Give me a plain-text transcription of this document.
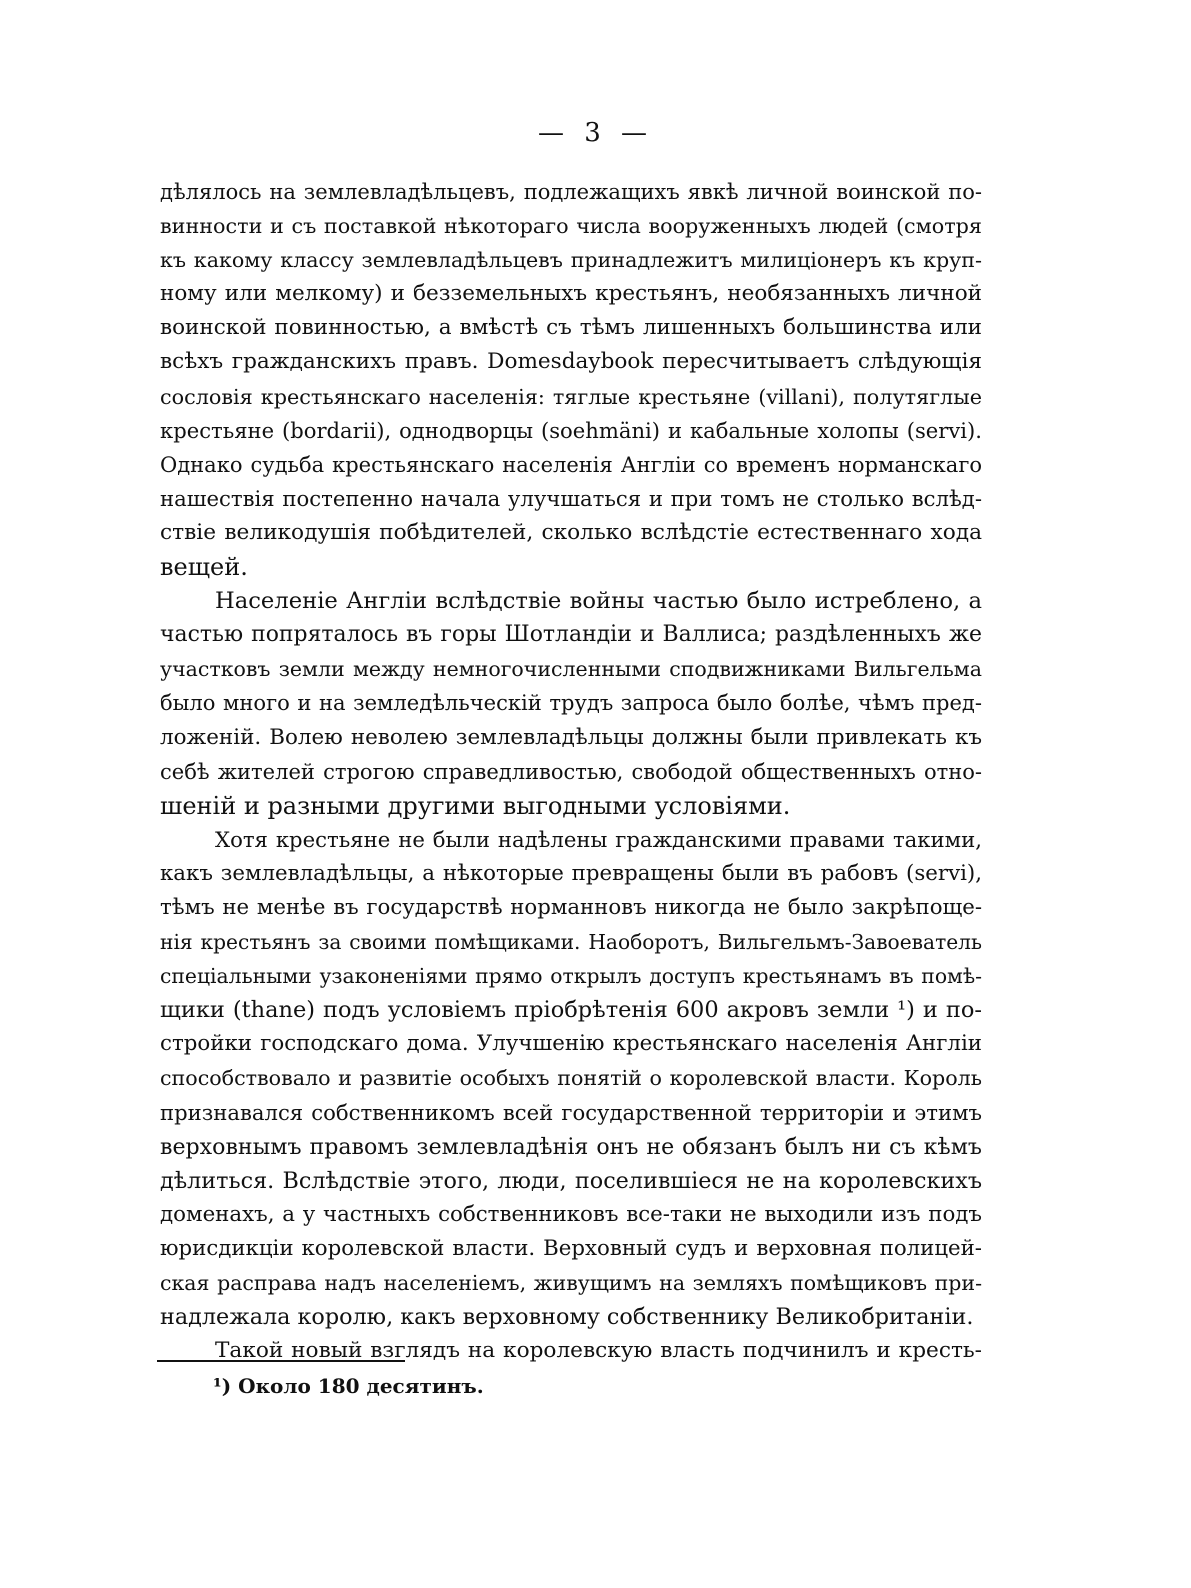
— 3 —
дѣлялось на землевладѣльцевъ, подлежащихъ явкѣ личной воинской по-
винности и съ поставкой нѣкотораго числа вооруженныхъ людей (смотря
къ какому классу землевладѣльцевъ принадлежитъ милиціонеръ къ круп-
ному или мелкому) и безземельныхъ крестьянъ, необязанныхъ личной
воинской повинностью, а вмѣстѣ съ тѣмъ лишенныхъ большинства или
всѣхъ гражданскихъ правъ. Domesdaybook пересчитываетъ слѣдующія
сословія крестьянскаго населенія: тяглые крестьяне (villani), полутяглые
крестьяне (bordarii), однодворцы (soehmäni) и кабальные холопы (servi).
Однако судьба крестьянскаго населенія Англіи со временъ норманскаго
нашествія постепенно начала улучшаться и при томъ не столько вслѣд-
ствіе великодушія побѣдителей, сколько вслѣдстіе естественнаго хода
вещей.
Населеніе Англіи вслѣдствіе войны частью было истреблено, а
частью попряталось въ горы Шотландіи и Валлиса; раздѣленныхъ же
участковъ земли между немногочисленными сподвижниками Вильгельма
было много и на земледѣльческій трудъ запроса было болѣе, чѣмъ пред-
ложеній. Волею неволею землевладѣльцы должны были привлекать къ
себѣ жителей строгою справедливостью, свободой общественныхъ отно-
шеній и разными другими выгодными условіями.
Хотя крестьяне не были надѣлены гражданскими правами такими,
какъ землевладѣльцы, а нѣкоторые превращены были въ рабовъ (servi),
тѣмъ не менѣе въ государствѣ норманновъ никогда не было закрѣпоще-
нія крестьянъ за своими помѣщиками. Наоборотъ, Вильгельмъ-Завоеватель
спеціальными узаконеніями прямо открылъ доступъ крестьянамъ въ помѣ-
щики (thane) подъ условіемъ пріобрѣтенія 600 акровъ земли ¹) и по-
стройки господскаго дома. Улучшенію крестьянскаго населенія Англіи
способствовало и развитіе особыхъ понятій о королевской власти. Король
признавался собственникомъ всей государственной территоріи и этимъ
верховнымъ правомъ землевладѣнія онъ не обязанъ былъ ни съ кѣмъ
дѣлиться. Вслѣдствіе этого, люди, поселившіеся не на королевскихъ
доменахъ, а у частныхъ собственниковъ все-таки не выходили изъ подъ
юрисдикціи королевской власти. Верховный судъ и верховная полицей-
ская расправа надъ населеніемъ, живущимъ на земляхъ помѣщиковъ при-
надлежала королю, какъ верховному собственнику Великобританіи.
Такой новый взглядъ на королевскую власть подчинилъ и кресть-
¹) Около 180 десятинъ.
